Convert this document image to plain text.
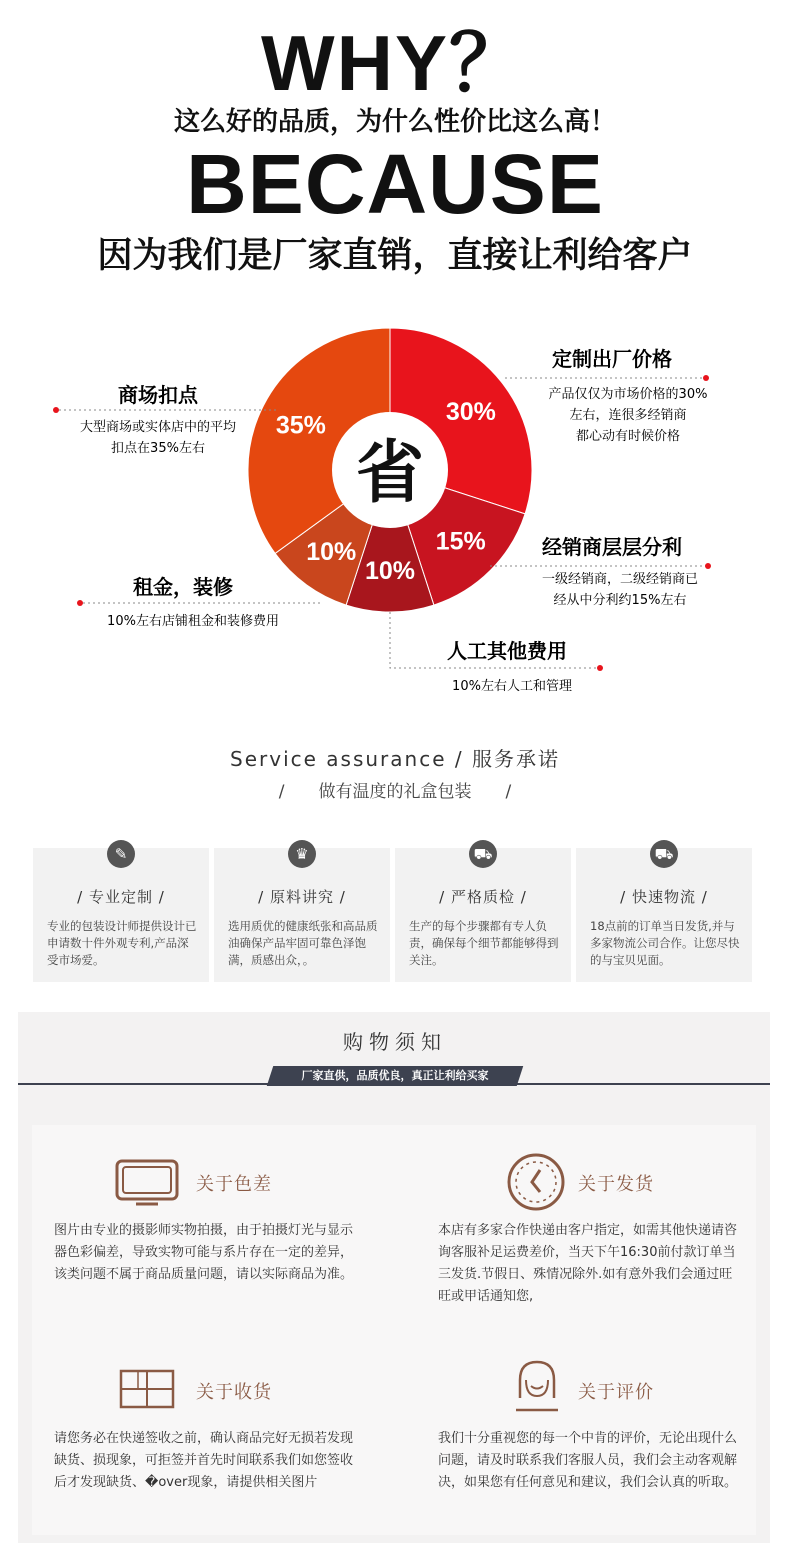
WHY？
这么好的品质，为什么性价比这么高！
BECAUSE
因为我们是厂家直销，直接让利给客户
省
30%
15%
10%
10%
35%
定制出厂价格
产品仅仅为市场价格的30%
左右，连很多经销商
都心动有时候价格
商场扣点
大型商场或实体店中的平均
扣点在35%左右
经销商层层分利
一级经销商，二级经销商已
经从中分利约15%左右
租金，装修
10%左右店铺租金和装修费用
人工其他费用
10%左右人工和管理
Service assurance / 服务承诺
/ 做有温度的礼盒包装 /
✎
/ 专业定制 /
专业的包装设计师提供设计已申请数十件外观专利,产品深受市场爱。
♛
/ 原料讲究 /
选用质优的健康纸张和高品质油确保产品牢固可靠色泽饱满，质感出众，。
⛟
/ 严格质检 /
生产的每个步骤都有专人负责，确保每个细节都能够得到关注。
⛟
/ 快速物流 /
18点前的订单当日发货,并与多家物流公司合作。让您尽快的与宝贝见面。
购物须知
厂家直供，品质优良，真正让利给买家
关于色差
图片由专业的摄影师实物拍摄，由于拍摄灯光与显示器色彩偏差，导致实物可能与系片存在一定的差异，该类问题不属于商品质量问题，请以实际商品为准。
关于发货
本店有多家合作快递由客户指定，如需其他快递请咨询客服补足运费差价，当天下午16:30前付款订单当三发货.节假日、殊情况除外.如有意外我们会通过旺旺或甲话通知您,
关于收货
请您务必在快递签收之前，确认商品完好无损若发现缺货、损现象，可拒签并首先时间联系我们如您签收后才发现缺货、�over现象，请提供相关图片
关于评价
我们十分重视您的每一个中肯的评价，无论出现什么问题，请及时联系我们客服人员，我们会主动客观解决，如果您有任何意见和建议，我们会认真的听取。
